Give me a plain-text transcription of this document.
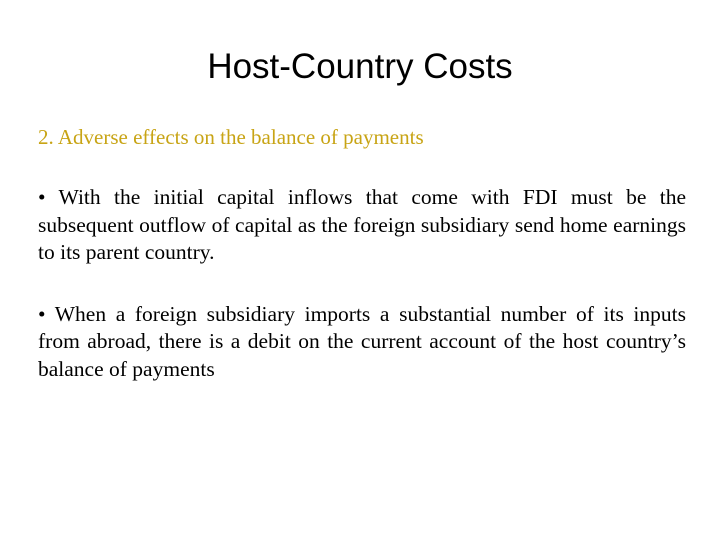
Host-Country Costs

2. Adverse effects on the balance of payments

• With the initial capital inflows that come with FDI must be the subsequent outflow of capital as the foreign subsidiary send home earnings to its parent country.

• When a foreign subsidiary imports a substantial number of its inputs from abroad, there is a debit on the current account of the host country’s balance of payments
